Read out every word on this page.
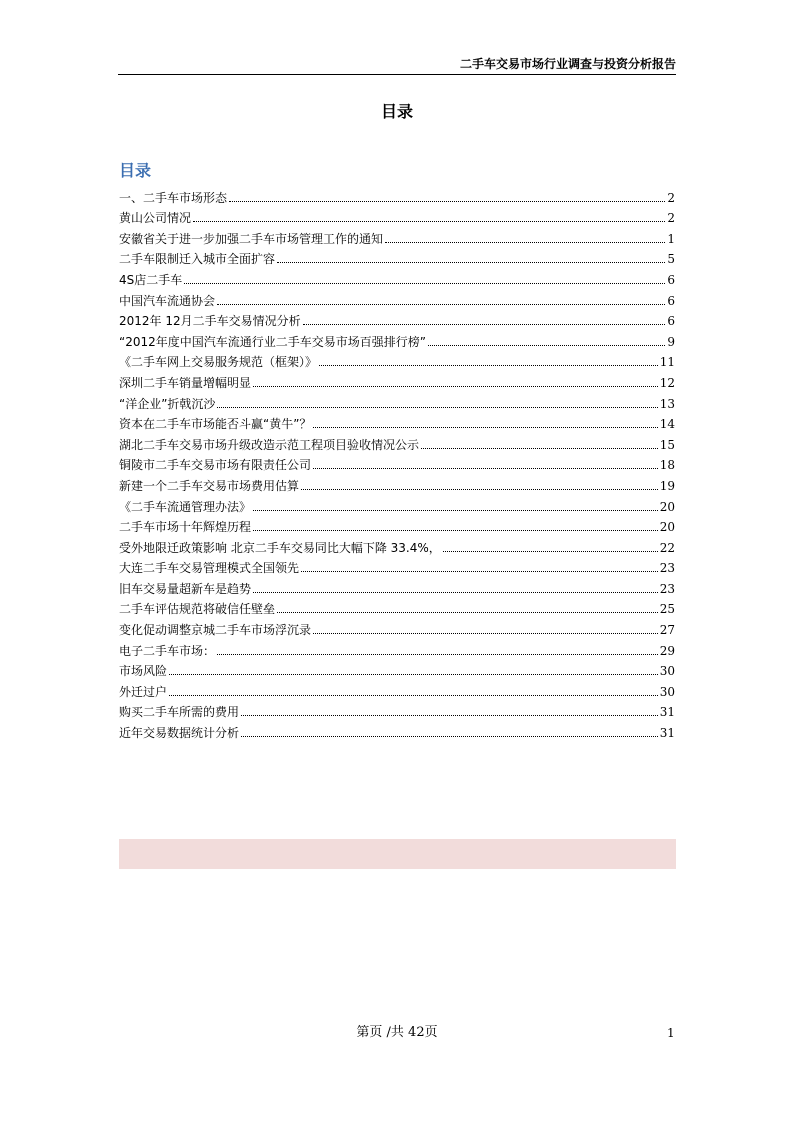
二手车交易市场行业调查与投资分析报告
目录
目录
一、二手车市场形态	2
黄山公司情况	2
安徽省关于进一步加强二手车市场管理工作的通知	1
二手车限制迁入城市全面扩容	5
4S店二手车	6
中国汽车流通协会	6
2012年 12月二手车交易情况分析	6
“2012年度中国汽车流通行业二手车交易市场百强排行榜”	9
《二手车网上交易服务规范（框架）》	11
深圳二手车销量增幅明显	12
“洋企业”折戟沉沙	13
资本在二手车市场能否斗赢“黄牛”？	14
湖北二手车交易市场升级改造示范工程项目验收情况公示	15
铜陵市二手车交易市场有限责任公司	18
新建一个二手车交易市场费用估算	19
《二手车流通管理办法》	20
二手车市场十年辉煌历程	20
受外地限迁政策影响 北京二手车交易同比大幅下降 33.4%，	22
大连二手车交易管理模式全国领先	23
旧车交易量超新车是趋势	23
二手车评估规范将破信任壁垒	25
变化促动调整京城二手车市场浮沉录	27
电子二手车市场：	29
市场风险	30
外迁过户	30
购买二手车所需的费用	31
近年交易数据统计分析	31
第页 /共 42页	1
